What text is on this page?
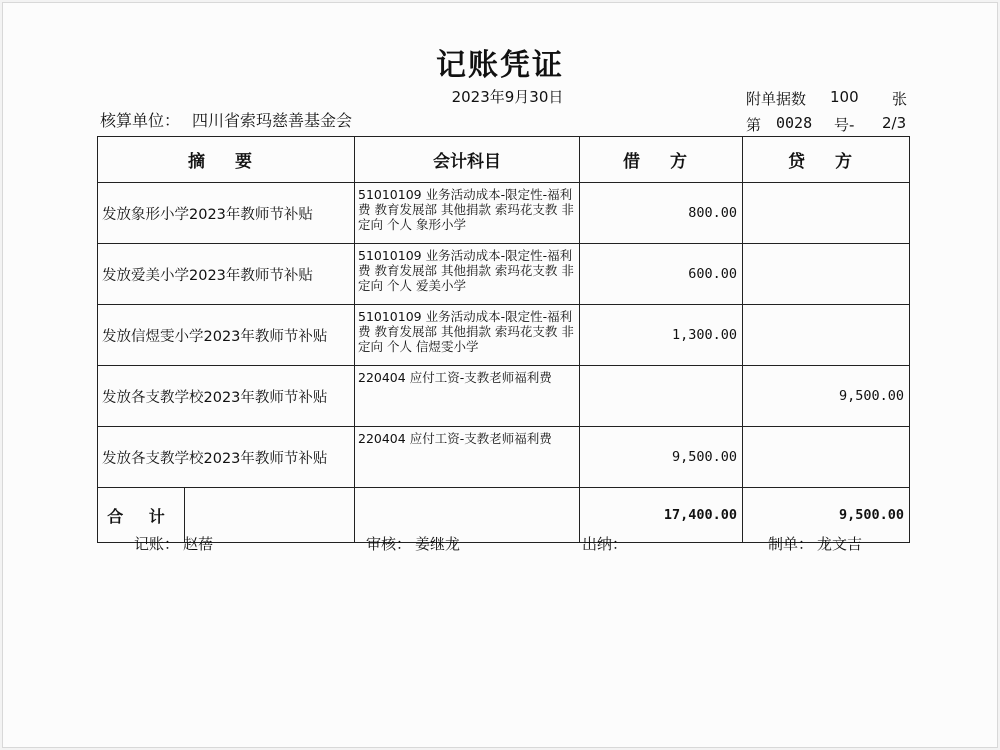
记账凭证
2023年9月30日
核算单位： 四川省索玛慈善基金会
附单据数 100 张
第 0028 号- 2/3
摘 要	会计科目	借 方	贷 方
发放象形小学2023年教师节补贴	51010109 业务活动成本-限定性-福利费 教育发展部 其他捐款 索玛花支教 非定向 个人 象形小学	800.00	
发放爱美小学2023年教师节补贴	51010109 业务活动成本-限定性-福利费 教育发展部 其他捐款 索玛花支教 非定向 个人 爱美小学	600.00	
发放信煜雯小学2023年教师节补贴	51010109 业务活动成本-限定性-福利费 教育发展部 其他捐款 索玛花支教 非定向 个人 信煜雯小学	1,300.00	
发放各支教学校2023年教师节补贴	220404 应付工资-支教老师福利费		9,500.00
发放各支教学校2023年教师节补贴	220404 应付工资-支教老师福利费	9,500.00	

合 计		17,400.00	9,500.00
记账： 赵蓓	审核： 姜继龙	出纳：	制单： 龙文吉
